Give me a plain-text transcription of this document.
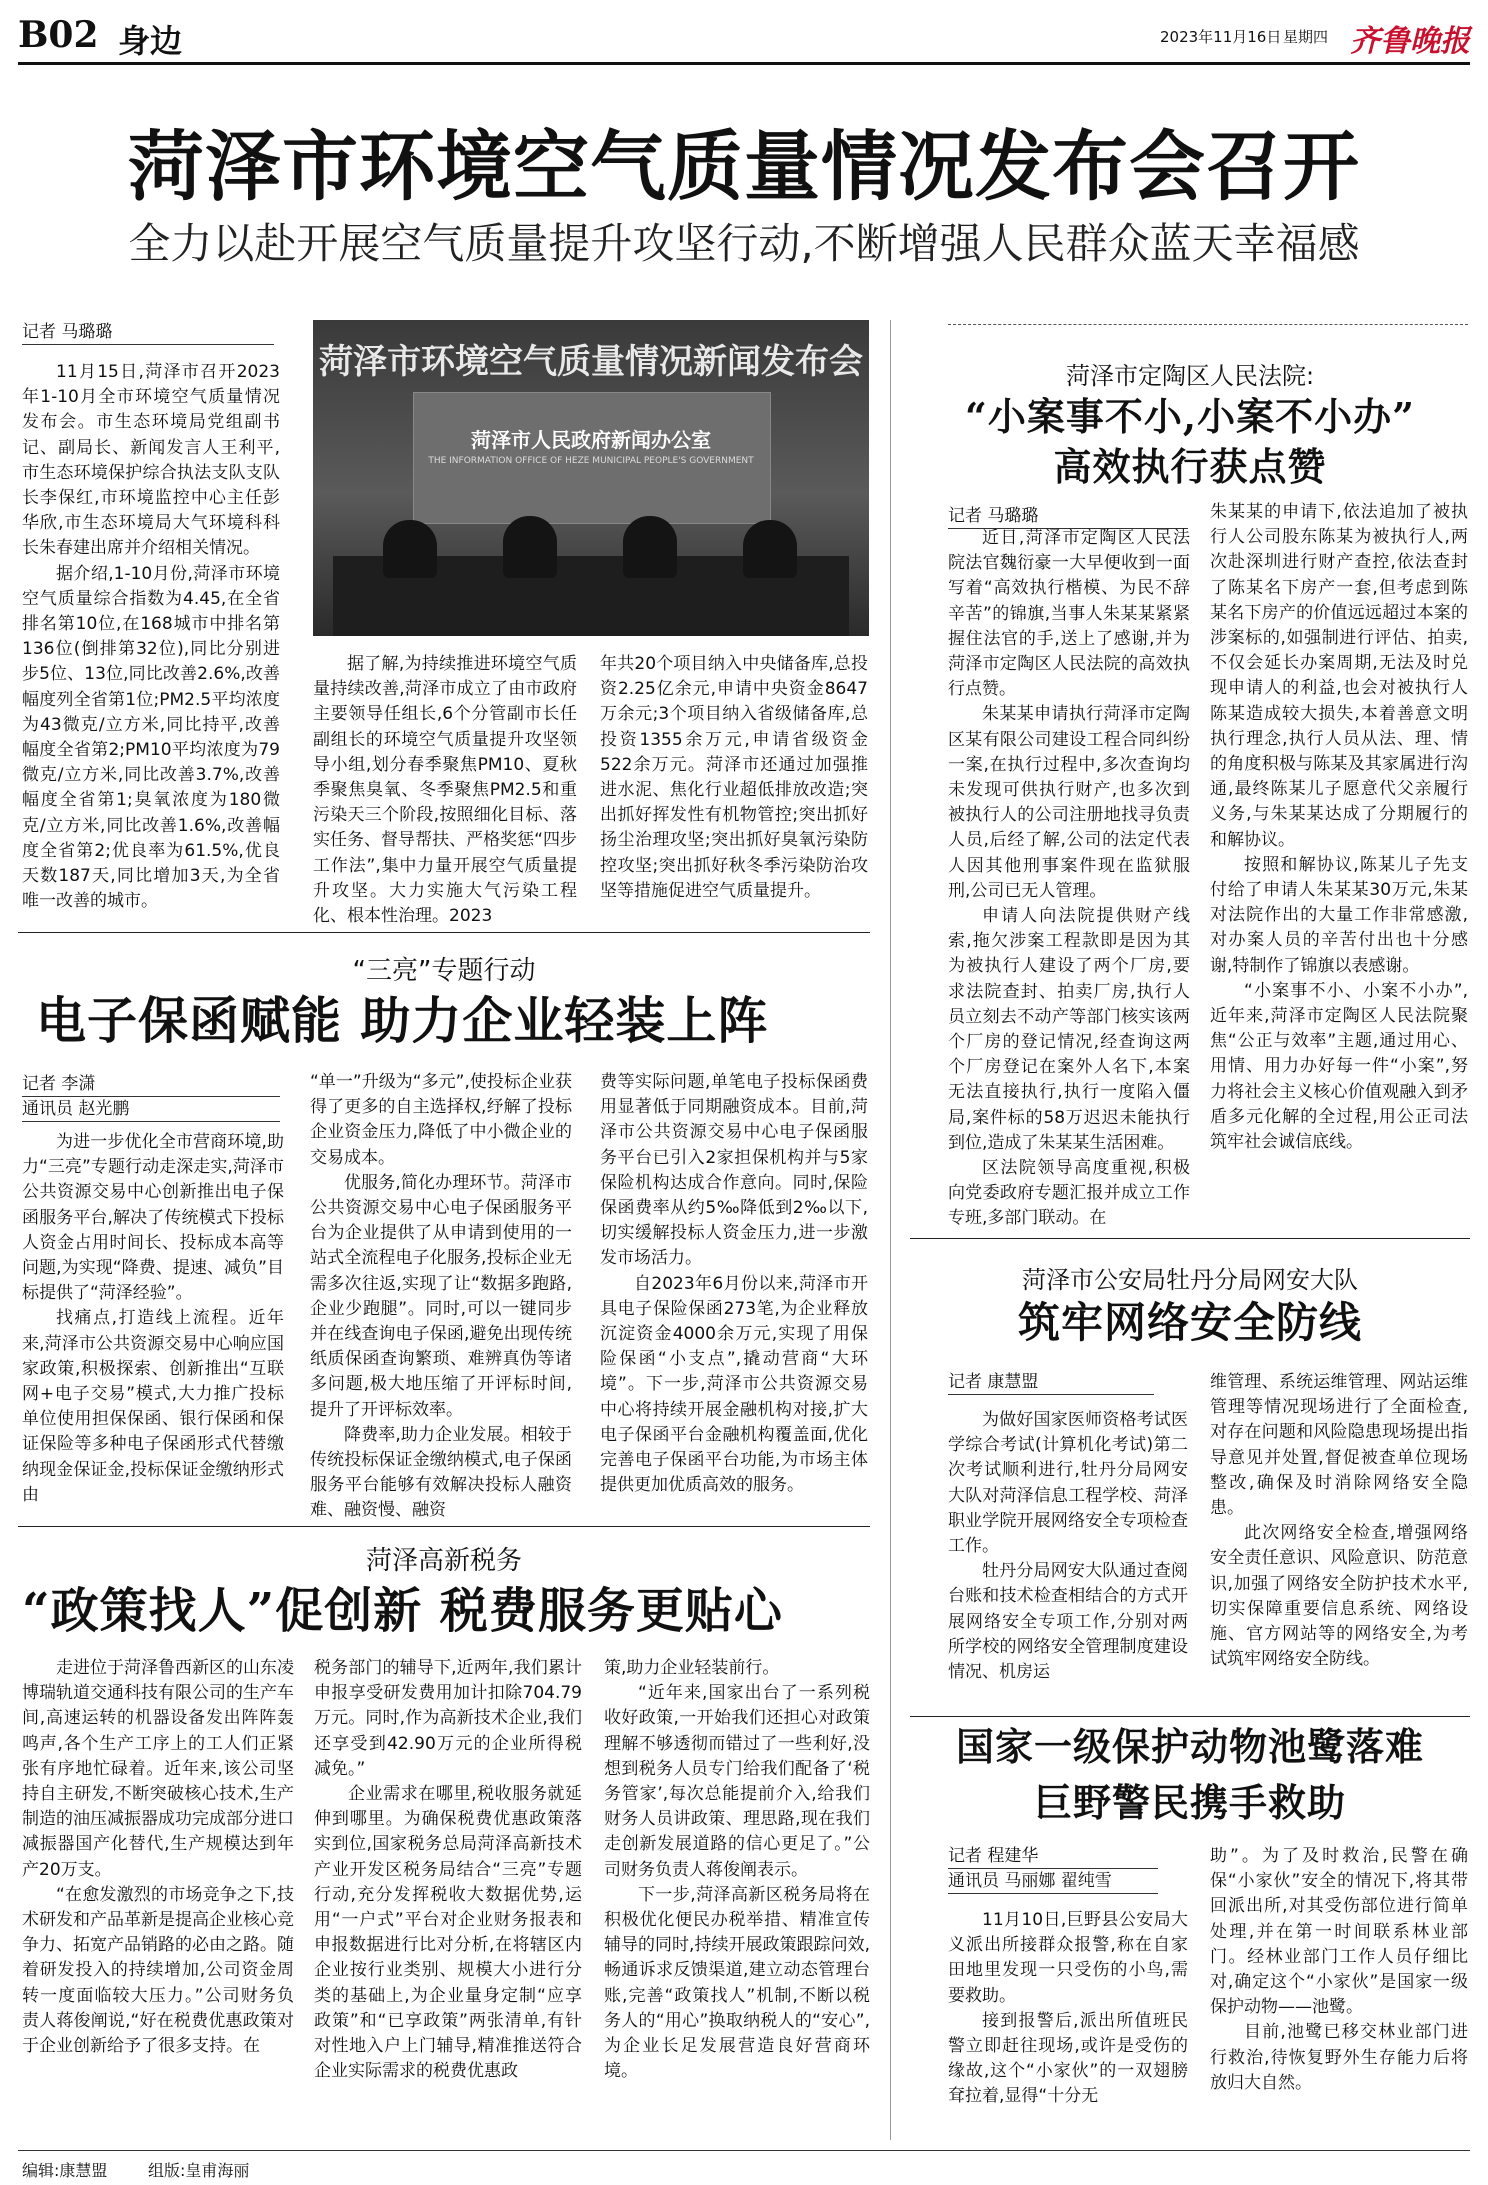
B02 身边	2023年11月16日 星期四 齐鲁晚报
菏泽市环境空气质量情况发布会召开
全力以赴开展空气质量提升攻坚行动,不断增强人民群众蓝天幸福感
记者 马璐璐

11月15日,菏泽市召开2023年1-10月全市环境空气质量情况发布会。市生态环境局党组副书记、副局长、新闻发言人王利平,市生态环境保护综合执法支队支队长李保红,市环境监控中心主任彭华欣,市生态环境局大气环境科科长朱春建出席并介绍相关情况。

据介绍,1-10月份,菏泽市环境空气质量综合指数为4.45,在全省排名第10位,在168城市中排名第136位(倒排第32位),同比分别进步5位、13位,同比改善2.6%,改善幅度列全省第1位;PM2.5平均浓度为43微克/立方米,同比持平,改善幅度全省第2;PM10平均浓度为79微克/立方米,同比改善3.7%,改善幅度全省第1;臭氧浓度为180微克/立方米,同比改善1.6%,改善幅度全省第2;优良率为61.5%,优良天数187天,同比增加3天,为全省唯一改善的城市。

菏泽市环境空气质量情况新闻发布会
菏泽市人民政府新闻办公室
THE INFORMATION OFFICE OF HEZE MUNICIPAL PEOPLE'S GOVERNMENT

据了解,为持续推进环境空气质量持续改善,菏泽市成立了由市政府主要领导任组长,6个分管副市长任副组长的环境空气质量提升攻坚领导小组,划分春季聚焦PM10、夏秋季聚焦臭氧、冬季聚焦PM2.5和重污染天三个阶段,按照细化目标、落实任务、督导帮扶、严格奖惩“四步工作法”,集中力量开展空气质量提升攻坚。大力实施大气污染工程化、根本性治理。2023

年共20个项目纳入中央储备库,总投资2.25亿余元,申请中央资金8647万余元;3个项目纳入省级储备库,总投资1355余万元,申请省级资金522余万元。菏泽市还通过加强推进水泥、焦化行业超低排放改造;突出抓好挥发性有机物管控;突出抓好扬尘治理攻坚;突出抓好臭氧污染防控攻坚;突出抓好秋冬季污染防治攻坚等措施促进空气质量提升。

“三亮”专题行动
电子保函赋能 助力企业轻装上阵
记者 李潇
通讯员 赵光鹏

为进一步优化全市营商环境,助力“三亮”专题行动走深走实,菏泽市公共资源交易中心创新推出电子保函服务平台,解决了传统模式下投标人资金占用时间长、投标成本高等问题,为实现“降费、提速、减负”目标提供了“菏泽经验”。

找痛点,打造线上流程。近年来,菏泽市公共资源交易中心响应国家政策,积极探索、创新推出“互联网+电子交易”模式,大力推广投标单位使用担保保函、银行保函和保证保险等多种电子保函形式代替缴纳现金保证金,投标保证金缴纳形式由

“单一”升级为“多元”,使投标企业获得了更多的自主选择权,纾解了投标企业资金压力,降低了中小微企业的交易成本。

优服务,简化办理环节。菏泽市公共资源交易中心电子保函服务平台为企业提供了从申请到使用的一站式全流程电子化服务,投标企业无需多次往返,实现了让“数据多跑路,企业少跑腿”。同时,可以一键同步并在线查询电子保函,避免出现传统纸质保函查询繁琐、难辨真伪等诸多问题,极大地压缩了开评标时间,提升了开评标效率。

降费率,助力企业发展。相较于传统投标保证金缴纳模式,电子保函服务平台能够有效解决投标人融资难、融资慢、融资

费等实际问题,单笔电子投标保函费用显著低于同期融资成本。目前,菏泽市公共资源交易中心电子保函服务平台已引入2家担保机构并与5家保险机构达成合作意向。同时,保险保函费率从约5‰降低到2‰以下,切实缓解投标人资金压力,进一步激发市场活力。

自2023年6月份以来,菏泽市开具电子保险保函273笔,为企业释放沉淀资金4000余万元,实现了用保险保函“小支点”,撬动营商“大环境”。下一步,菏泽市公共资源交易中心将持续开展金融机构对接,扩大电子保函平台金融机构覆盖面,优化完善电子保函平台功能,为市场主体提供更加优质高效的服务。

菏泽高新税务
“政策找人”促创新 税费服务更贴心

走进位于菏泽鲁西新区的山东凌博瑞轨道交通科技有限公司的生产车间,高速运转的机器设备发出阵阵轰鸣声,各个生产工序上的工人们正紧张有序地忙碌着。近年来,该公司坚持自主研发,不断突破核心技术,生产制造的油压减振器成功完成部分进口减振器国产化替代,生产规模达到年产20万支。

“在愈发激烈的市场竞争之下,技术研发和产品革新是提高企业核心竞争力、拓宽产品销路的必由之路。随着研发投入的持续增加,公司资金周转一度面临较大压力。”公司财务负责人蒋俊阐说,“好在税费优惠政策对于企业创新给予了很多支持。在

税务部门的辅导下,近两年,我们累计申报享受研发费用加计扣除704.79万元。同时,作为高新技术企业,我们还享受到42.90万元的企业所得税减免。”

企业需求在哪里,税收服务就延伸到哪里。为确保税费优惠政策落实到位,国家税务总局菏泽高新技术产业开发区税务局结合“三亮”专题行动,充分发挥税收大数据优势,运用“一户式”平台对企业财务报表和申报数据进行比对分析,在将辖区内企业按行业类别、规模大小进行分类的基础上,为企业量身定制“应享政策”和“已享政策”两张清单,有针对性地入户上门辅导,精准推送符合企业实际需求的税费优惠政

策,助力企业轻装前行。

“近年来,国家出台了一系列税收好政策,一开始我们还担心对政策理解不够透彻而错过了一些利好,没想到税务人员专门给我们配备了‘税务管家’,每次总能提前介入,给我们财务人员讲政策、理思路,现在我们走创新发展道路的信心更足了。”公司财务负责人蒋俊阐表示。

下一步,菏泽高新区税务局将在积极优化便民办税举措、精准宣传辅导的同时,持续开展政策跟踪问效,畅通诉求反馈渠道,建立动态管理台账,完善“政策找人”机制,不断以税务人的“用心”换取纳税人的“安心”,为企业长足发展营造良好营商环境。

菏泽市定陶区人民法院:
“小案事不小,小案不小办”
高效执行获点赞
记者 马璐璐

近日,菏泽市定陶区人民法院法官魏衍豪一大早便收到一面写着“高效执行楷模、为民不辞辛苦”的锦旗,当事人朱某某紧紧握住法官的手,送上了感谢,并为菏泽市定陶区人民法院的高效执行点赞。

朱某某申请执行菏泽市定陶区某有限公司建设工程合同纠纷一案,在执行过程中,多次查询均未发现可供执行财产,也多次到被执行人的公司注册地找寻负责人员,后经了解,公司的法定代表人因其他刑事案件现在监狱服刑,公司已无人管理。

申请人向法院提供财产线索,拖欠涉案工程款即是因为其为被执行人建设了两个厂房,要求法院查封、拍卖厂房,执行人员立刻去不动产等部门核实该两个厂房的登记情况,经查询这两个厂房登记在案外人名下,本案无法直接执行,执行一度陷入僵局,案件标的58万迟迟未能执行到位,造成了朱某某生活困难。

区法院领导高度重视,积极向党委政府专题汇报并成立工作专班,多部门联动。在

朱某某的申请下,依法追加了被执行人公司股东陈某为被执行人,两次赴深圳进行财产查控,依法查封了陈某名下房产一套,但考虑到陈某名下房产的价值远远超过本案的涉案标的,如强制进行评估、拍卖,不仅会延长办案周期,无法及时兑现申请人的利益,也会对被执行人陈某造成较大损失,本着善意文明执行理念,执行人员从法、理、情的角度积极与陈某及其家属进行沟通,最终陈某儿子愿意代父亲履行义务,与朱某某达成了分期履行的和解协议。

按照和解协议,陈某儿子先支付给了申请人朱某某30万元,朱某对法院作出的大量工作非常感激,对办案人员的辛苦付出也十分感谢,特制作了锦旗以表感谢。

“小案事不小、小案不小办”,近年来,菏泽市定陶区人民法院聚焦“公正与效率”主题,通过用心、用情、用力办好每一件“小案”,努力将社会主义核心价值观融入到矛盾多元化解的全过程,用公正司法筑牢社会诚信底线。

菏泽市公安局牡丹分局网安大队
筑牢网络安全防线
记者 康慧盟

为做好国家医师资格考试医学综合考试(计算机化考试)第二次考试顺利进行,牡丹分局网安大队对菏泽信息工程学校、菏泽职业学院开展网络安全专项检查工作。

牡丹分局网安大队通过查阅台账和技术检查相结合的方式开展网络安全专项工作,分别对两所学校的网络安全管理制度建设情况、机房运

维管理、系统运维管理、网站运维管理等情况现场进行了全面检查,对存在问题和风险隐患现场提出指导意见并处置,督促被查单位现场整改,确保及时消除网络安全隐患。

此次网络安全检查,增强网络安全责任意识、风险意识、防范意识,加强了网络安全防护技术水平,切实保障重要信息系统、网络设施、官方网站等的网络安全,为考试筑牢网络安全防线。

国家一级保护动物池鹭落难
巨野警民携手救助
记者 程建华
通讯员 马丽娜 翟纯雪

11月10日,巨野县公安局大义派出所接群众报警,称在自家田地里发现一只受伤的小鸟,需要救助。

接到报警后,派出所值班民警立即赶往现场,或许是受伤的缘故,这个“小家伙”的一双翅膀耷拉着,显得“十分无

助”。为了及时救治,民警在确保“小家伙”安全的情况下,将其带回派出所,对其受伤部位进行简单处理,并在第一时间联系林业部门。经林业部门工作人员仔细比对,确定这个“小家伙”是国家一级保护动物——池鹭。

目前,池鹭已移交林业部门进行救治,待恢复野外生存能力后将放归大自然。

编辑:康慧盟	组版:皇甫海丽
